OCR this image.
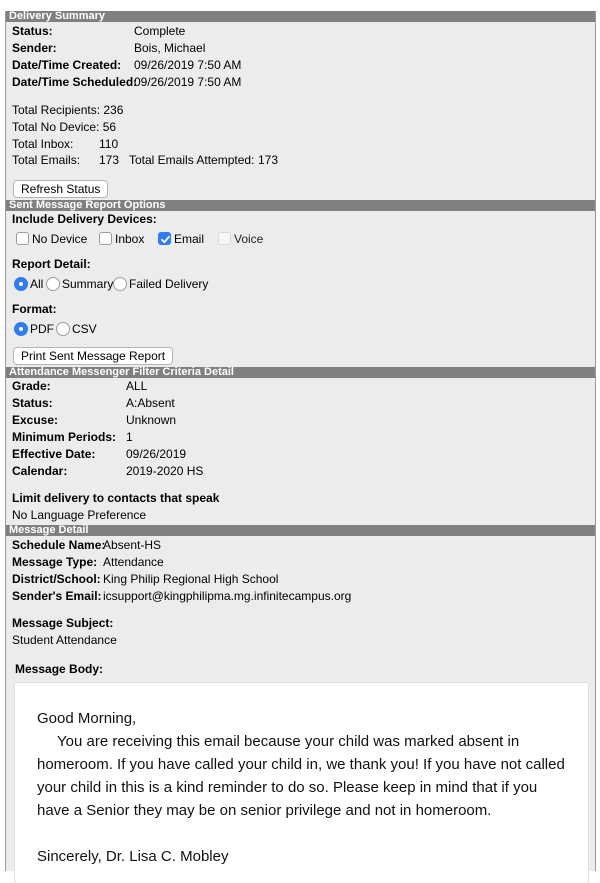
Delivery Summary
Status:	Complete
Sender:	Bois, Michael
Date/Time Created: 09/26/2019 7:50 AM
Date/Time Scheduled:
09/26/2019 7:50 AM
Total Recipients: 236
Total No Device: 56
Total Inbox: 110
Total Emails: 173 Total Emails Attempted: 173
Refresh Status
Sent Message Report Options
Include Delivery Devices:
No Device Inbox Email Voice
Report Detail:
All Summary Failed Delivery
Format:
PDF CSV
Print Sent Message Report
Attendance Messenger Filter Criteria Detail
Grade:	ALL
Status:	A:Absent
Excuse:	Unknown
Minimum Periods: 1
Effective Date:	09/26/2019
Calendar:	2019-2020 HS
Limit delivery to contacts that speak
No Language Preference
Message Detail
Schedule Name:
Absent-HS
Message Type: Attendance
District/School: King Philip Regional High School
Sender's Email: icsupport@kingphilipma.mg.infinitecampus.org
Message Subject:
Student Attendance
Message Body:

Good Morning,

You are receiving this email because your child was marked absent in homeroom. If you have called your child in, we thank you! If you have not called your child in this is a kind reminder to do so. Please keep in mind that if you have a Senior they may be on senior privilege and not in homeroom.

Sincerely, Dr. Lisa C. Mobley
